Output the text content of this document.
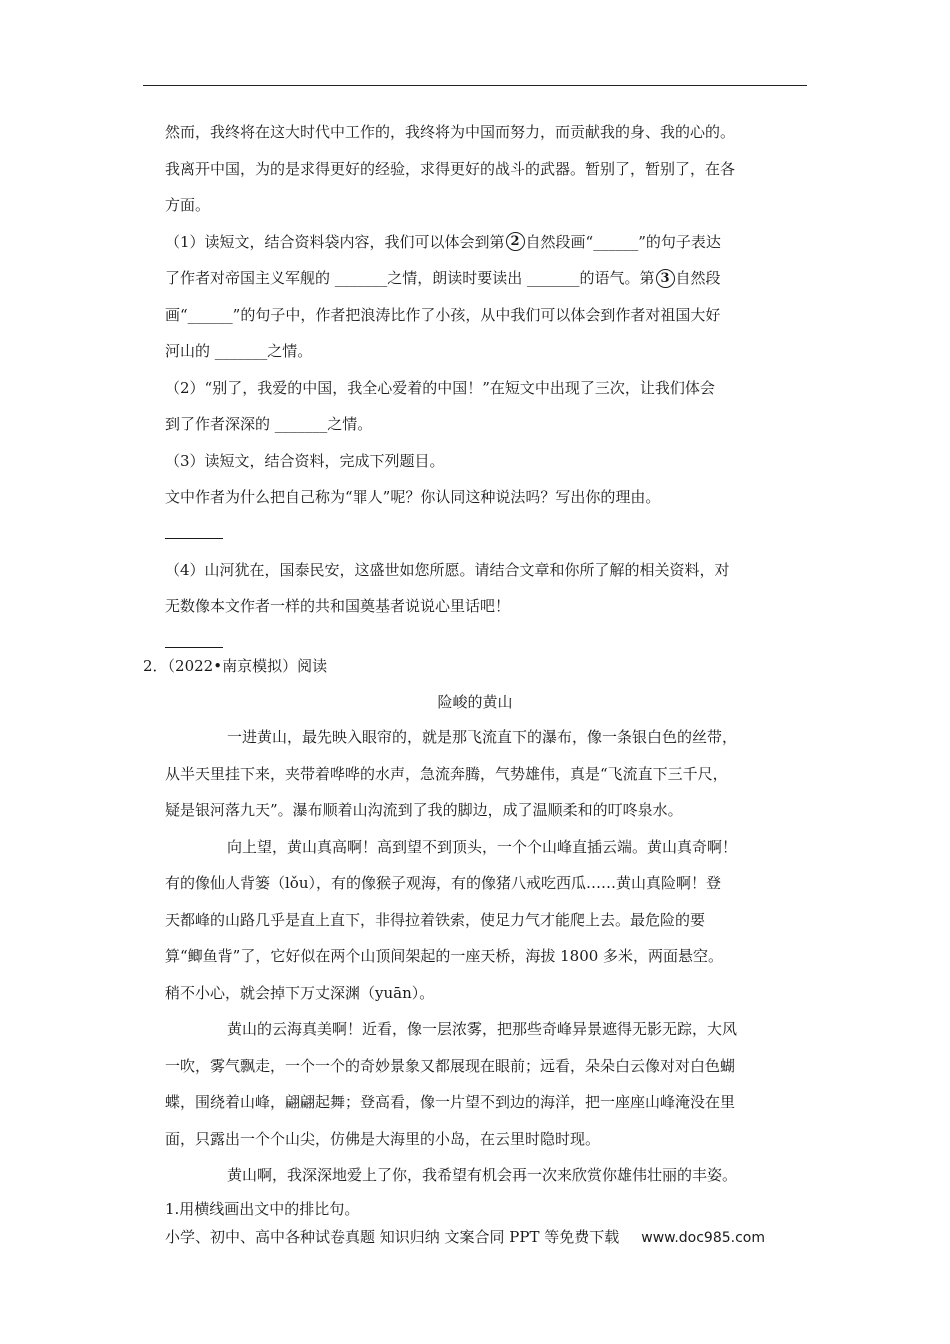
然而，我终将在这大时代中工作的，我终将为中国而努力，而贡献我的身、我的心的。
我离开中国，为的是求得更好的经验，求得更好的战斗的武器。暂别了，暂别了，在各
方面。
（1）读短文，结合资料袋内容，我们可以体会到第 2 自然段画“______”的句子表达
了作者对帝国主义军舰的 _______之情，朗读时要读出 _______的语气。第 3 自然段
画“______”的句子中，作者把浪涛比作了小孩，从中我们可以体会到作者对祖国大好
河山的 _______之情。
（2）“别了，我爱的中国，我全心爱着的中国！”在短文中出现了三次，让我们体会
到了作者深深的 _______之情。
（3）读短文，结合资料，完成下列题目。
文中作者为什么把自己称为“罪人”呢？你认同这种说法吗？写出你的理由。
（4）山河犹在，国泰民安，这盛世如您所愿。请结合文章和你所了解的相关资料，对
无数像本文作者一样的共和国奠基者说说心里话吧！
2．（2022•南京模拟）阅读
险峻的黄山
一进黄山，最先映入眼帘的，就是那飞流直下的瀑布，像一条银白色的丝带，
从半天里挂下来，夹带着哗哗的水声，急流奔腾，气势雄伟，真是“飞流直下三千尺，
疑是银河落九天”。瀑布顺着山沟流到了我的脚边，成了温顺柔和的叮咚泉水。
向上望，黄山真高啊！高到望不到顶头，一个个山峰直插云端。黄山真奇啊！
有的像仙人背篓（lǒu），有的像猴子观海，有的像猪八戒吃西瓜……黄山真险啊！登
天都峰的山路几乎是直上直下，非得拉着铁索，使足力气才能爬上去。最危险的要
算“鲫鱼背”了，它好似在两个山顶间架起的一座天桥，海拔 1800 多米，两面悬空。
稍不小心，就会掉下万丈深渊（yuān）。
黄山的云海真美啊！近看，像一层浓雾，把那些奇峰异景遮得无影无踪，大风
一吹，雾气飘走，一个一个的奇妙景象又都展现在眼前；远看，朵朵白云像对对白色蝴
蝶，围绕着山峰，翩翩起舞；登高看，像一片望不到边的海洋，把一座座山峰淹没在里
面，只露出一个个山尖，仿佛是大海里的小岛，在云里时隐时现。
黄山啊，我深深地爱上了你，我希望有机会再一次来欣赏你雄伟壮丽的丰姿。
1.用横线画出文中的排比句。
小学、初中、高中各种试卷真题 知识归纳 文案合同 PPT 等免费下载 www.doc985.com
